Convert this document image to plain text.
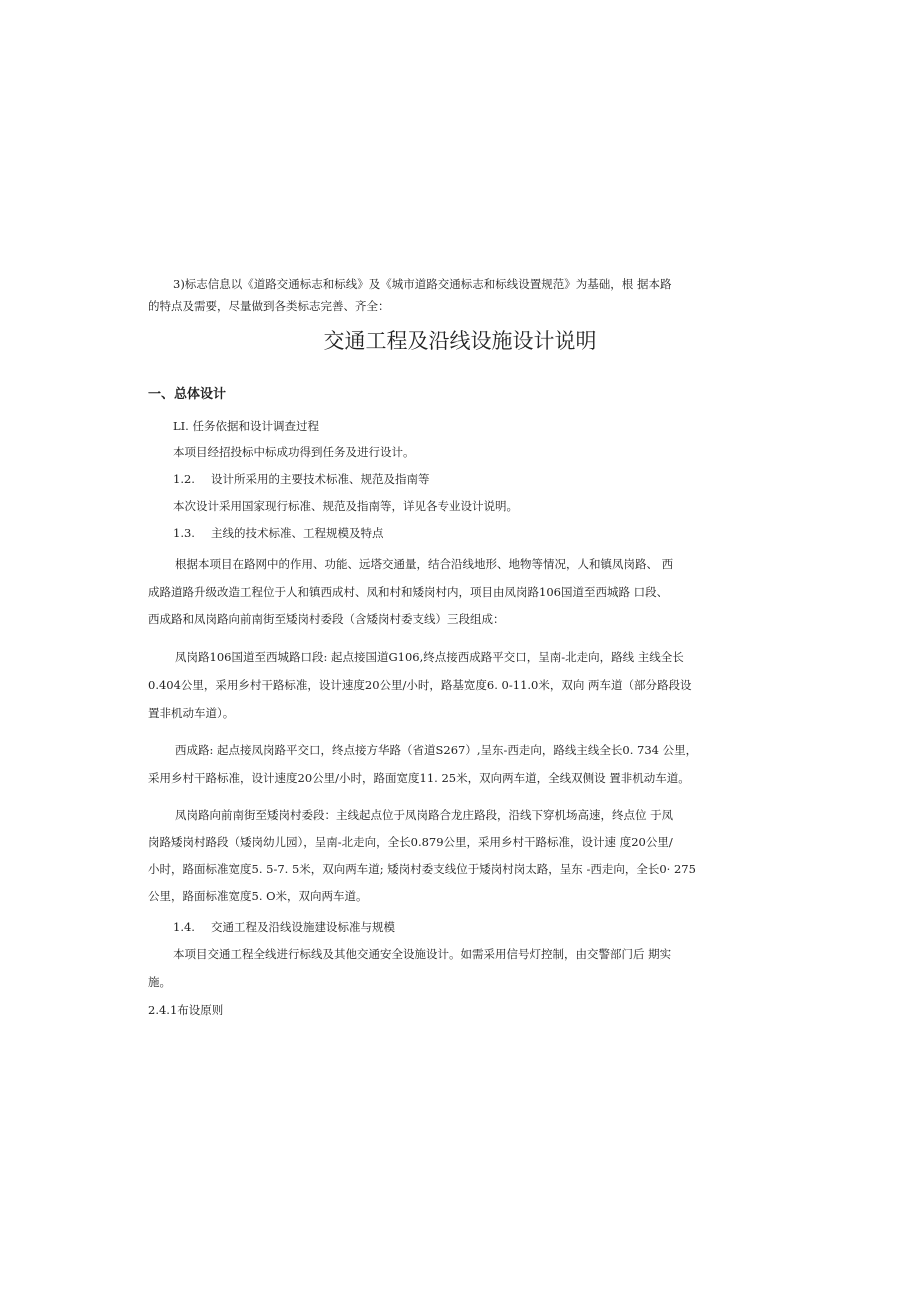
3)标志信息以《道路交通标志和标线》及《城市道路交通标志和标线设置规范》为基础，根 据本路

的特点及需要，尽量做到各类标志完善、齐全：

交通工程及沿线设施设计说明
一、总体设计

LI. 任务依据和设计调查过程

本项目经招投标中标成功得到任务及进行设计。

1.2. 设计所采用的主要技术标准、规范及指南等

本次设计采用国家现行标准、规范及指南等，详见各专业设计说明。

1.3. 主线的技术标准、工程规模及特点

根据本项目在路网中的作用、功能、远塔交通量，结合沿线地形、地物等情况，人和镇凤岗路、 西

成路道路升级改造工程位于人和镇西成村、凤和村和矮岗村内，项目由凤岗路106国道至西城路 口段、

西成路和凤岗路向前南街至矮岗村委段（含矮岗村委支线）三段组成：

凤岗路106国道至西城路口段: 起点接国道G106,终点接西成路平交口，呈南-北走向，路线 主线全长

0.404公里，采用乡村干路标准，设计速度20公里/小时，路基宽度6. 0-11.0米，双向 两车道（部分路段设

置非机动车道）。

西成路: 起点接凤岗路平交口，终点接方华路（省道S267）,呈东-西走向，路线主线全长0. 734 公里，

采用乡村干路标准，设计速度20公里/小时，路面宽度11. 25米，双向两车道，全线双侧设 置非机动车道。

凤岗路向前南街至矮岗村委段：主线起点位于凤岗路合龙庄路段，沿线下穿机场高速，终点位 于凤

岗路矮岗村路段（矮岗幼儿园），呈南-北走向，全长0.879公里，采用乡村干路标准，设计速 度20公里/

小时，路面标准宽度5. 5-7. 5米，双向两车道; 矮岗村委支线位于矮岗村岗太路，呈东 -西走向，全长0· 275

公里，路面标准宽度5. O米，双向两车道。

1.4. 交通工程及沿线设施建设标准与规模

本项目交通工程全线进行标线及其他交通安全设施设计。如需采用信号灯控制，由交警部门后 期实

施。

2.4.1布设原则
